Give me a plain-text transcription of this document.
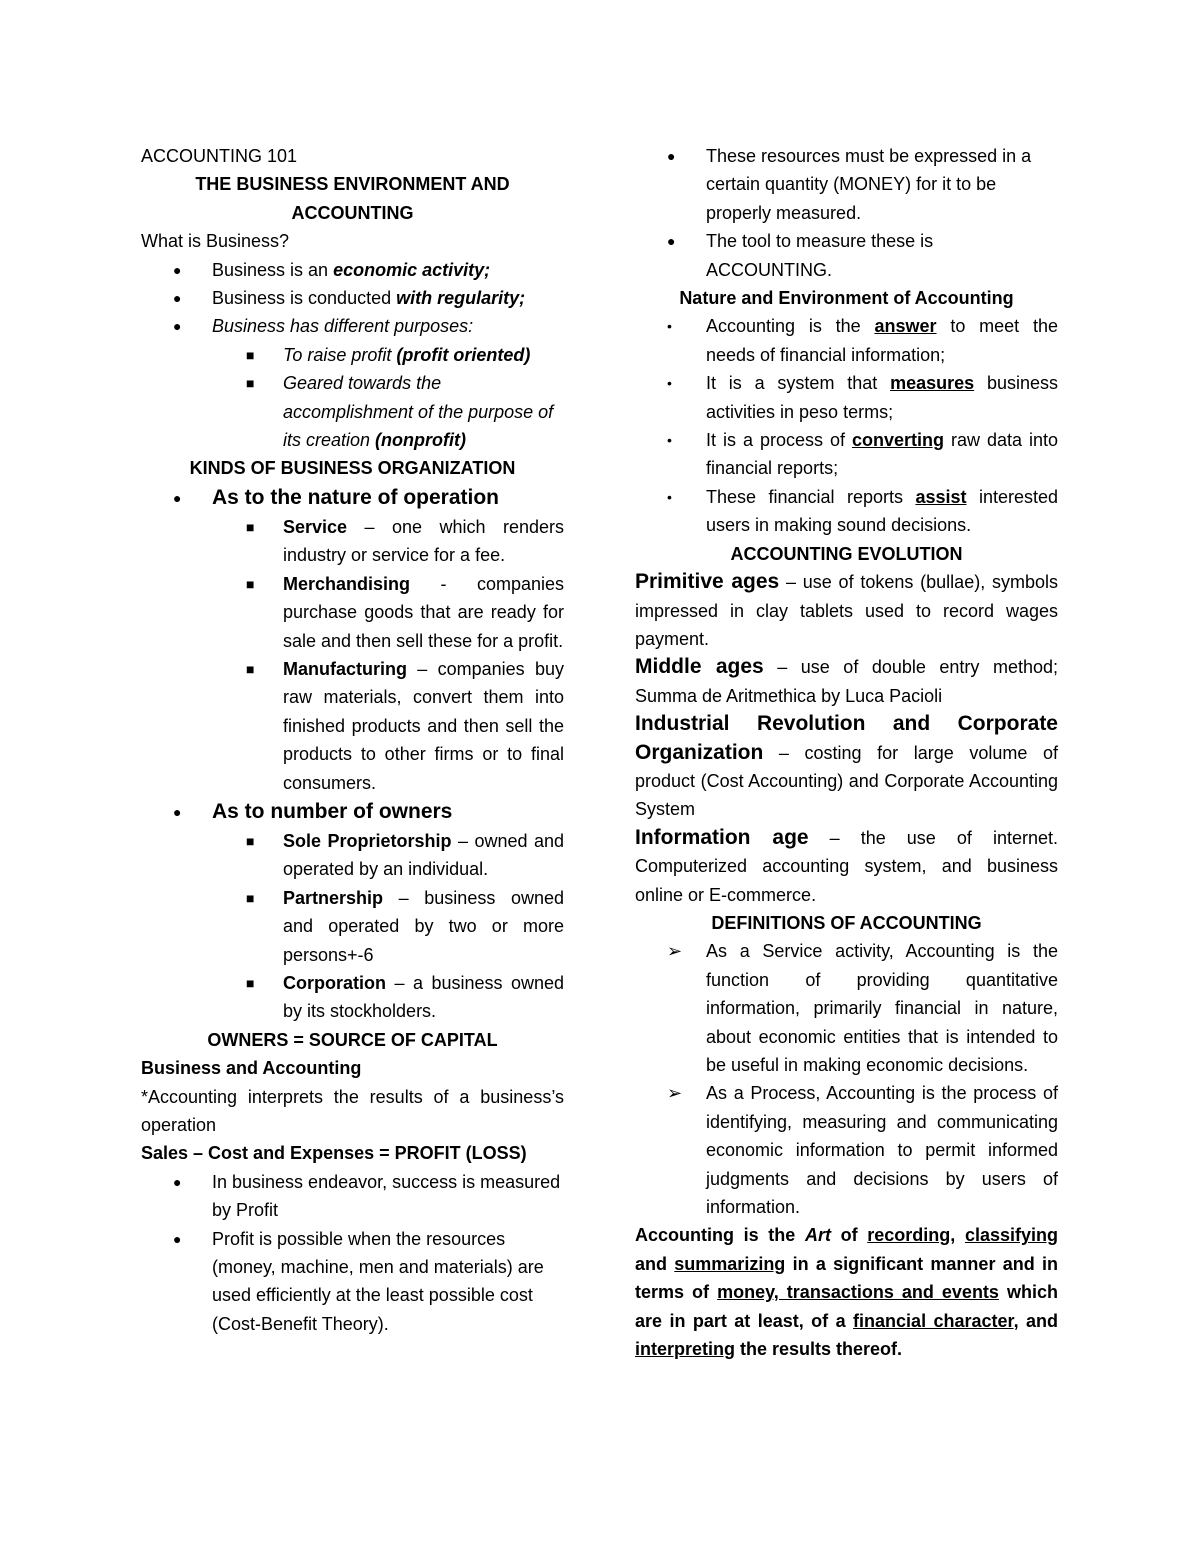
ACCOUNTING 101

THE BUSINESS ENVIRONMENT AND
ACCOUNTING

What is Business?

●
Business is an economic activity;
●
Business is conducted with regularity;
●
Business has different purposes:
■
To raise profit (profit oriented)
■
Geared towards the accomplishment of the purpose of its creation (nonprofit)

KINDS OF BUSINESS ORGANIZATION

●
As to the nature of operation
■
Service – one which renders industry or service for a fee.
■
Merchandising - companies purchase goods that are ready for sale and then sell these for a profit.
■
Manufacturing – companies buy raw materials, convert them into finished products and then sell the products to other firms or to final consumers.
●
As to number of owners
■
Sole Proprietorship – owned and operated by an individual.
■
Partnership – business owned and operated by two or more persons+-6
■
Corporation – a business owned by its stockholders.

OWNERS = SOURCE OF CAPITAL

Business and Accounting

*Accounting interprets the results of a business’s operation

Sales – Cost and Expenses = PROFIT (LOSS)

●
In business endeavor, success is measured by Profit
●
Profit is possible when the resources (money, machine, men and materials) are used efficiently at the least possible cost (Cost-Benefit Theory).
●
These resources must be expressed in a certain quantity (MONEY) for it to be properly measured.
●
The tool to measure these is ACCOUNTING.

Nature and Environment of Accounting

• Accounting is the answer to meet the needs of financial information;
• It is a system that measures business activities in peso terms;
• It is a process of converting raw data into financial reports;
• These financial reports assist interested users in making sound decisions.

ACCOUNTING EVOLUTION

Primitive ages – use of tokens (bullae), symbols impressed in clay tablets used to record wages payment.

Middle ages – use of double entry method; Summa de Aritmethica by Luca Pacioli

Industrial Revolution and Corporate Organization – costing for large volume of product (Cost Accounting) and Corporate Accounting System

Information age – the use of internet. Computerized accounting system, and business online or E-commerce.

DEFINITIONS OF ACCOUNTING

➢
As a Service activity, Accounting is the function of providing quantitative information, primarily financial in nature, about economic entities that is intended to be useful in making economic decisions.
➢
As a Process, Accounting is the process of identifying, measuring and communicating economic information to permit informed judgments and decisions by users of information.

Accounting is the Art of recording, classifying and summarizing in a significant manner and in terms of money, transactions and events which are in part at least, of a financial character, and interpreting the results thereof.
